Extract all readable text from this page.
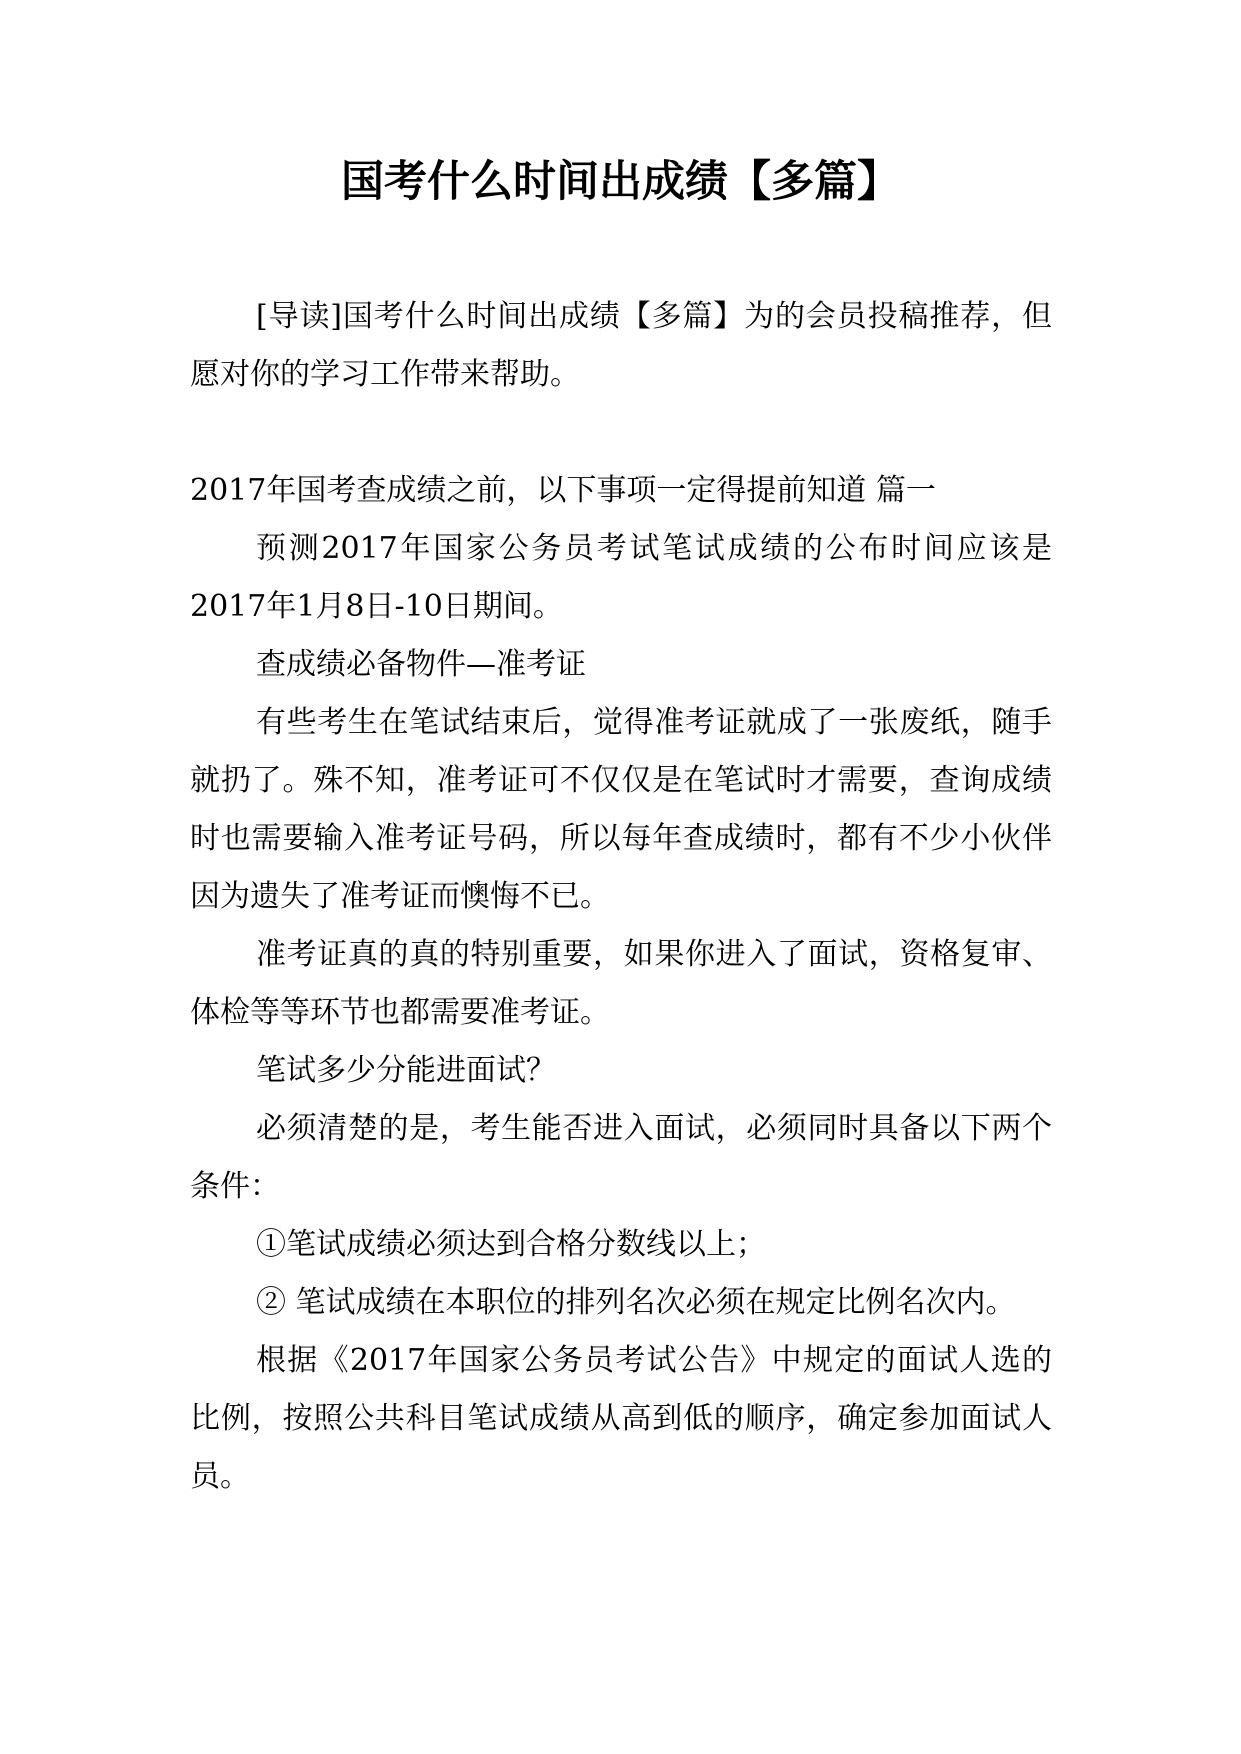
国考什么时间出成绩【多篇】

[导读]国考什么时间出成绩【多篇】为的会员投稿推荐，但愿对你的学习工作带来帮助。

2017年国考查成绩之前，以下事项一定得提前知道 篇一

预测2017年国家公务员考试笔试成绩的公布时间应该是2017年1月8日-10日期间。

查成绩必备物件—准考证

有些考生在笔试结束后，觉得准考证就成了一张废纸，随手就扔了。殊不知，准考证可不仅仅是在笔试时才需要，查询成绩时也需要输入准考证号码，所以每年查成绩时，都有不少小伙伴因为遗失了准考证而懊悔不已。

准考证真的真的特别重要，如果你进入了面试，资格复审、体检等等环节也都需要准考证。

笔试多少分能进面试？

必须清楚的是，考生能否进入面试，必须同时具备以下两个条件：

①笔试成绩必须达到合格分数线以上；

② 笔试成绩在本职位的排列名次必须在规定比例名次内。

根据《2017年国家公务员考试公告》中规定的面试人选的比例，按照公共科目笔试成绩从高到低的顺序，确定参加面试人员。
